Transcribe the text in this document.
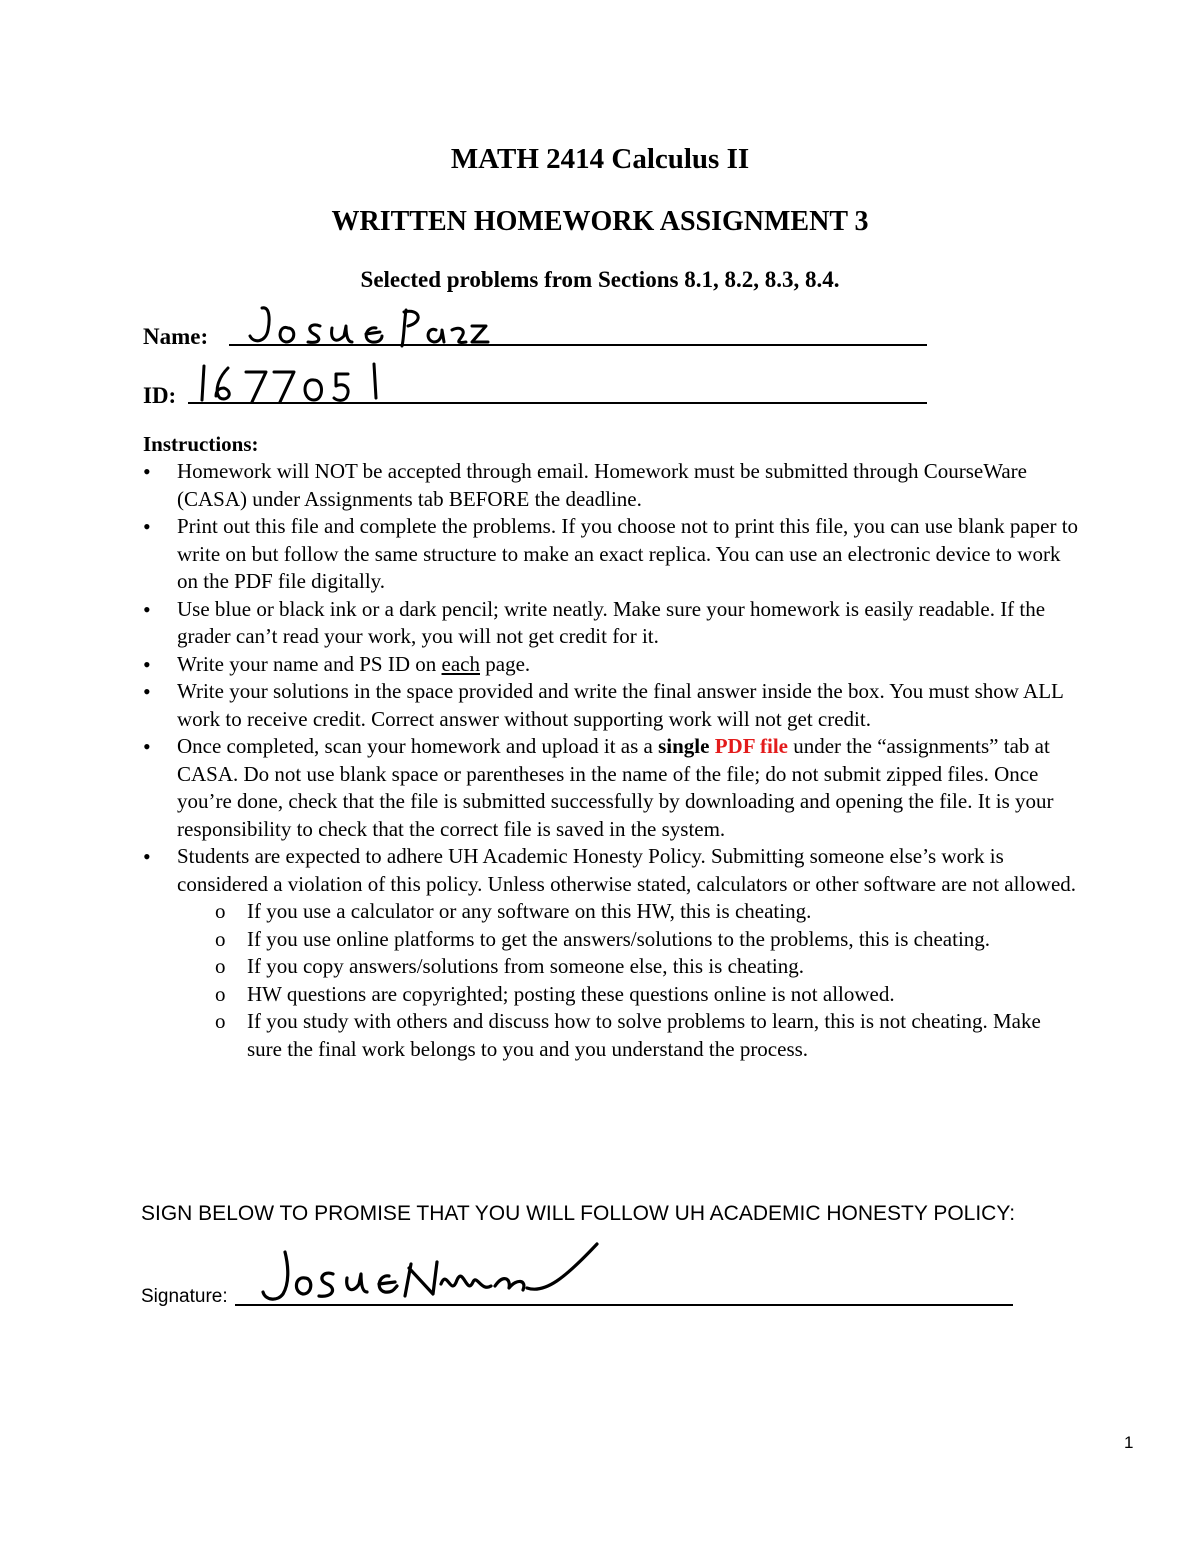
MATH 2414 Calculus II
WRITTEN HOMEWORK ASSIGNMENT 3
Selected problems from Sections 8.1, 8.2, 8.3, 8.4.
Name:
ID:
Instructions:
• Homework will NOT be accepted through email. Homework must be submitted through CourseWare (CASA) under Assignments tab BEFORE the deadline.
• Print out this file and complete the problems. If you choose not to print this file, you can use blank paper to write on but follow the same structure to make an exact replica. You can use an electronic device to work on the PDF file digitally.
• Use blue or black ink or a dark pencil; write neatly. Make sure your homework is easily readable. If the grader can’t read your work, you will not get credit for it.
• Write your name and PS ID on each page.
• Write your solutions in the space provided and write the final answer inside the box. You must show ALL work to receive credit. Correct answer without supporting work will not get credit.
• Once completed, scan your homework and upload it as a single PDF file under the “assignments” tab at CASA. Do not use blank space or parentheses in the name of the file; do not submit zipped files. Once you’re done, check that the file is submitted successfully by downloading and opening the file. It is your responsibility to check that the correct file is saved in the system.
• Students are expected to adhere UH Academic Honesty Policy. Submitting someone else’s work is considered a violation of this policy. Unless otherwise stated, calculators or other software are not allowed.
o If you use a calculator or any software on this HW, this is cheating.
o If you use online platforms to get the answers/solutions to the problems, this is cheating.
o If you copy answers/solutions from someone else, this is cheating.
o HW questions are copyrighted; posting these questions online is not allowed.
o If you study with others and discuss how to solve problems to learn, this is not cheating. Make sure the final work belongs to you and you understand the process.
SIGN BELOW TO PROMISE THAT YOU WILL FOLLOW UH ACADEMIC HONESTY POLICY:
Signature:
1
